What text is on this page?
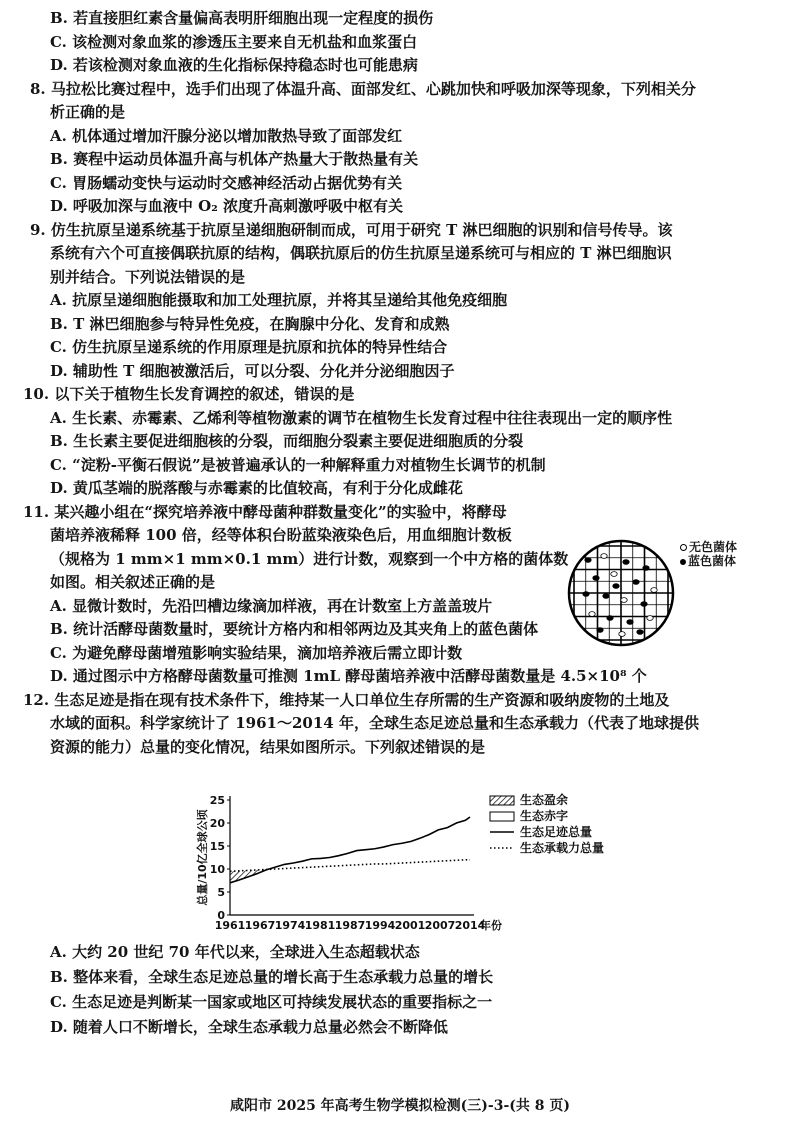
B. 若直接胆红素含量偏高表明肝细胞出现一定程度的损伤
C. 该检测对象血浆的渗透压主要来自无机盐和血浆蛋白
D. 若该检测对象血液的生化指标保持稳态时也可能患病
8. 马拉松比赛过程中，选手们出现了体温升高、面部发红、心跳加快和呼吸加深等现象，下列相关分
析正确的是
A. 机体通过增加汗腺分泌以增加散热导致了面部发红
B. 赛程中运动员体温升高与机体产热量大于散热量有关
C. 胃肠蠕动变快与运动时交感神经活动占据优势有关
D. 呼吸加深与血液中 O₂ 浓度升高刺激呼吸中枢有关
9. 仿生抗原呈递系统基于抗原呈递细胞研制而成，可用于研究 T 淋巴细胞的识别和信号传导。该
系统有六个可直接偶联抗原的结构，偶联抗原后的仿生抗原呈递系统可与相应的 T 淋巴细胞识
别并结合。下列说法错误的是
A. 抗原呈递细胞能摄取和加工处理抗原，并将其呈递给其他免疫细胞
B. T 淋巴细胞参与特异性免疫，在胸腺中分化、发育和成熟
C. 仿生抗原呈递系统的作用原理是抗原和抗体的特异性结合
D. 辅助性 T 细胞被激活后，可以分裂、分化并分泌细胞因子
10. 以下关于植物生长发育调控的叙述，错误的是
A. 生长素、赤霉素、乙烯利等植物激素的调节在植物生长发育过程中往往表现出一定的顺序性
B. 生长素主要促进细胞核的分裂，而细胞分裂素主要促进细胞质的分裂
C. “淀粉-平衡石假说”是被普遍承认的一种解释重力对植物生长调节的机制
D. 黄瓜茎端的脱落酸与赤霉素的比值较高，有利于分化成雌花
11. 某兴趣小组在“探究培养液中酵母菌种群数量变化”的实验中，将酵母
菌培养液稀释 100 倍，经等体积台盼蓝染液染色后，用血细胞计数板
（规格为 1 mm×1 mm×0.1 mm）进行计数，观察到一个中方格的菌体数
如图。相关叙述正确的是
A. 显微计数时，先沿凹槽边缘滴加样液，再在计数室上方盖盖玻片
B. 统计活酵母菌数量时，要统计方格内和相邻两边及其夹角上的蓝色菌体
C. 为避免酵母菌增殖影响实验结果，滴加培养液后需立即计数
D. 通过图示中方格酵母菌数量可推测 1mL 酵母菌培养液中活酵母菌数量是 4.5×10⁸ 个
12. 生态足迹是指在现有技术条件下，维持某一人口单位生存所需的生产资源和吸纳废物的土地及
水域的面积。科学家统计了 1961～2014 年，全球生态足迹总量和生态承载力（代表了地球提供
资源的能力）总量的变化情况，结果如图所示。下列叙述错误的是
A. 大约 20 世纪 70 年代以来，全球进入生态超载状态
B. 整体来看，全球生态足迹总量的增长高于生态承载力总量的增长
C. 生态足迹是判断某一国家或地区可持续发展状态的重要指标之一
D. 随着人口不断增长，全球生态承载力总量必然会不断降低
无色菌体
蓝色菌体
0
5
10
15
20
25
总量/10亿全球公顷
1961 1967 1974 1981 1987 1994 2001 2007 2014
年份
生态盈余
生态赤字
生态足迹总量
生态承载力总量
咸阳市 2025 年高考生物学模拟检测(三)-3-(共 8 页)
